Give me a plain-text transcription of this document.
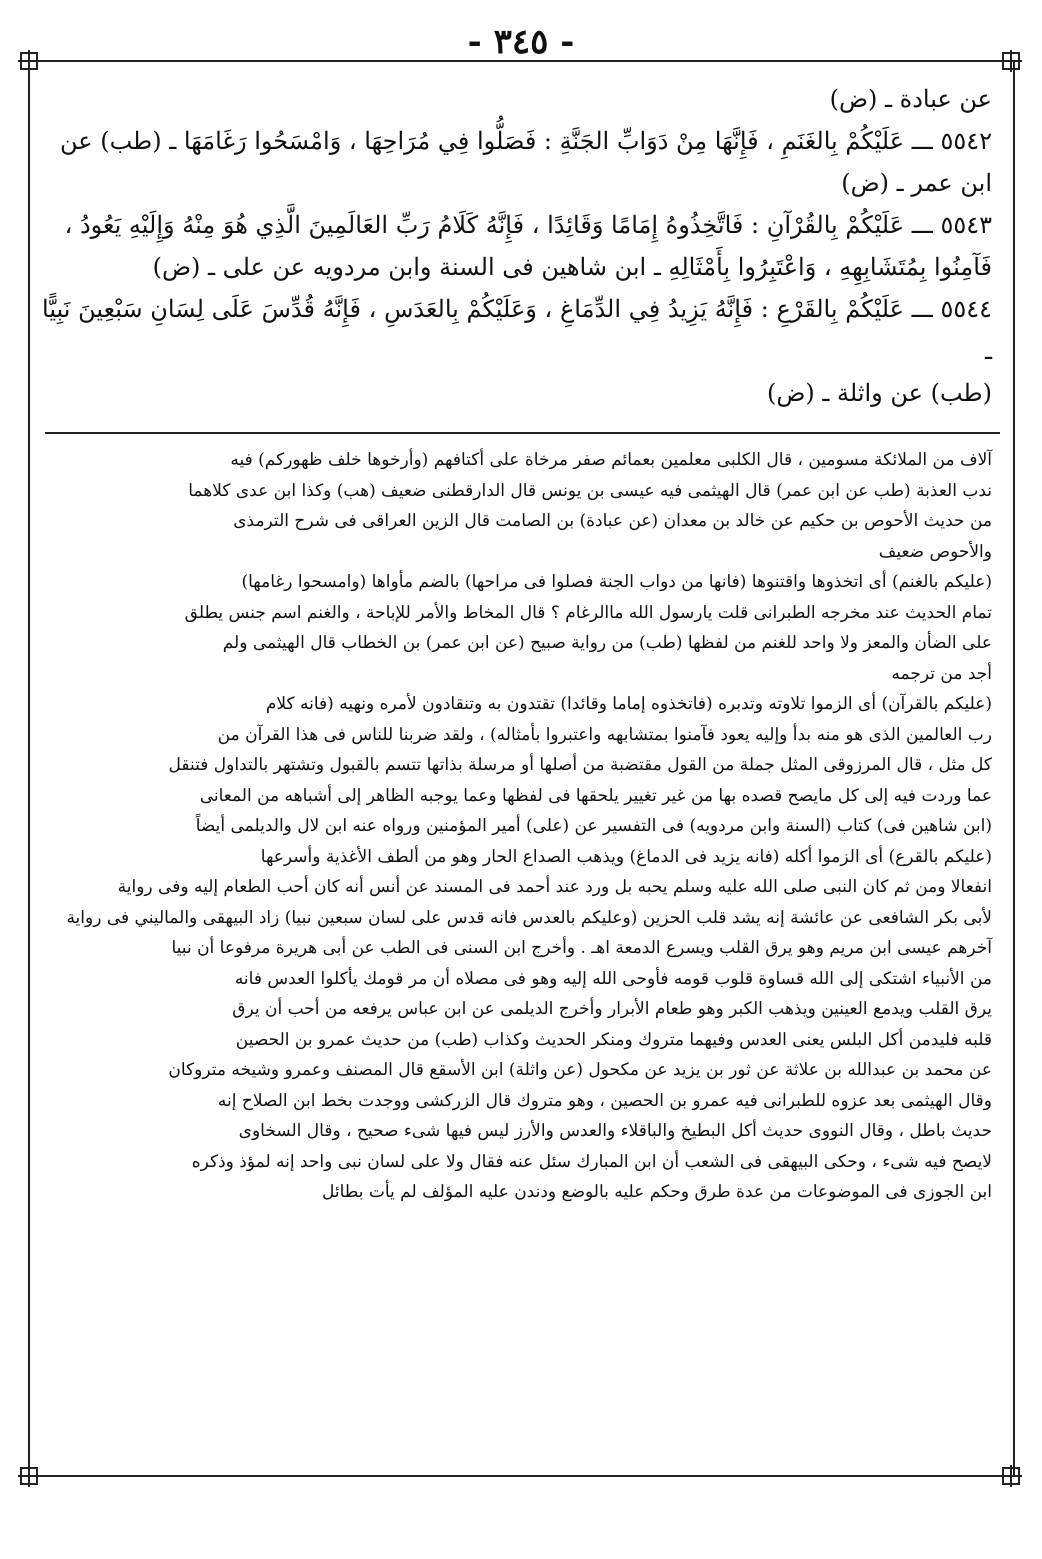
- ٣٤٥ -

عن عبادة ـ (ض)

٥٥٤٢ ـــ عَلَيْكُمْ بِالغَنَمِ ، فَإِنَّهَا مِنْ دَوَابِّ الجَنَّةِ : فَصَلُّوا فِي مُرَاحِهَا ، وَامْسَحُوا رَغَامَهَا ـ (طب) عن

ابن عمر ـ (ض)

٥٥٤٣ ـــ عَلَيْكُمْ بِالقُرْآنِ : فَاتَّخِذُوهُ إِمَامًا وَقَائِدًا ، فَإِنَّهُ كَلَامُ رَبِّ العَالَمِينَ الَّذِي هُوَ مِنْهُ وَإِلَيْهِ يَعُودُ ،

فَآمِنُوا بِمُتَشَابِهِهِ ، وَاعْتَبِرُوا بِأَمْثَالِهِ ـ ابن شاهين فى السنة وابن مردويه عن على ـ (ض)

٥٥٤٤ ـــ عَلَيْكُمْ بِالقَرْعِ : فَإِنَّهُ يَزِيدُ فِي الدِّمَاغِ ، وَعَلَيْكُمْ بِالعَدَسِ ، فَإِنَّهُ قُدِّسَ عَلَى لِسَانِ سَبْعِينَ نَبِيًّا ـ

(طب) عن واثلة ـ (ض)

آلاف من الملائكة مسومين ، قال الكلبى معلمين بعمائم صفر مرخاة على أكتافهم (وأرخوها خلف ظهوركم) فيه

ندب العذبة (طب عن ابن عمر) قال الهيثمى فيه عيسى بن يونس قال الدارقطنى ضعيف (هب) وكذا ابن عدى كلاهما

من حديث الأحوص بن حكيم عن خالد بن معدان (عن عبادة) بن الصامت قال الزين العراقى فى شرح الترمذى

والأحوص ضعيف

(عليكم بالغنم) أى اتخذوها واقتنوها (فانها من دواب الجنة فصلوا فى مراحها) بالضم مأواها (وامسحوا رغامها)

تمام الحديث عند مخرجه الطبرانى قلت يارسول الله ماالرغام ؟ قال المخاط والأمر للإباحة ، والغنم اسم جنس يطلق

على الضأن والمعز ولا واحد للغنم من لفظها (طب) من رواية صبيح (عن ابن عمر) بن الخطاب قال الهيثمى ولم

أجد من ترجمه

(عليكم بالقرآن) أى الزموا تلاوته وتدبره (فاتخذوه إماما وقائدا) تقتدون به وتنقادون لأمره ونهيه (فانه كلام

رب العالمين الذى هو منه بدأ وإليه يعود فآمنوا بمتشابهه واعتبروا بأمثاله) ، ولقد ضربنا للناس فى هذا القرآن من

كل مثل ، قال المرزوقى المثل جملة من القول مقتضبة من أصلها أو مرسلة بذاتها تتسم بالقبول وتشتهر بالتداول فتنقل

عما وردت فيه إلى كل مايصح قصده بها من غير تغيير يلحقها فى لفظها وعما يوجبه الظاهر إلى أشباهه من المعانى

(ابن شاهين فى) كتاب (السنة وابن مردويه) فى التفسير عن (على) أمير المؤمنين ورواه عنه ابن لال والديلمى أيضاً

(عليكم بالقرع) أى الزموا أكله (فانه يزيد فى الدماغ) ويذهب الصداع الحار وهو من ألطف الأغذية وأسرعها

انفعالا ومن ثم كان النبى صلى الله عليه وسلم يحبه بل ورد عند أحمد فى المسند عن أنس أنه كان أحب الطعام إليه وفى رواية

لأبى بكر الشافعى عن عائشة إنه يشد قلب الحزين (وعليكم بالعدس فانه قدس على لسان سبعين نبيا) زاد البيهقى والماليني فى رواية

آخرهم عيسى ابن مريم وهو يرق القلب ويسرع الدمعة اهـ . وأخرج ابن السنى فى الطب عن أبى هريرة مرفوعا أن نبيا

من الأنبياء اشتكى إلى الله قساوة قلوب قومه فأوحى الله إليه وهو فى مصلاه أن مر قومك يأكلوا العدس فانه

يرق القلب ويدمع العينين ويذهب الكبر وهو طعام الأبرار وأخرج الديلمى عن ابن عباس يرفعه من أحب أن يرق

قلبه فليدمن أكل البلس يعنى العدس وفيهما متروك ومنكر الحديث وكذاب (طب) من حديث عمرو بن الحصين

عن محمد بن عبدالله بن علاثة عن ثور بن يزيد عن مكحول (عن واثلة) ابن الأسقع قال المصنف وعمرو وشيخه متروكان

وقال الهيثمى بعد عزوه للطبرانى فيه عمرو بن الحصين ، وهو متروك قال الزركشى ووجدت بخط ابن الصلاح إنه

حديث باطل ، وقال النووى حديث أكل البطيخ والباقلاء والعدس والأرز ليس فيها شىء صحيح ، وقال السخاوى

لايصح فيه شىء ، وحكى البيهقى فى الشعب أن ابن المبارك سئل عنه فقال ولا على لسان نبى واحد إنه لمؤذ وذكره

ابن الجوزى فى الموضوعات من عدة طرق وحكم عليه بالوضع ودندن عليه المؤلف لم يأت بطائل
